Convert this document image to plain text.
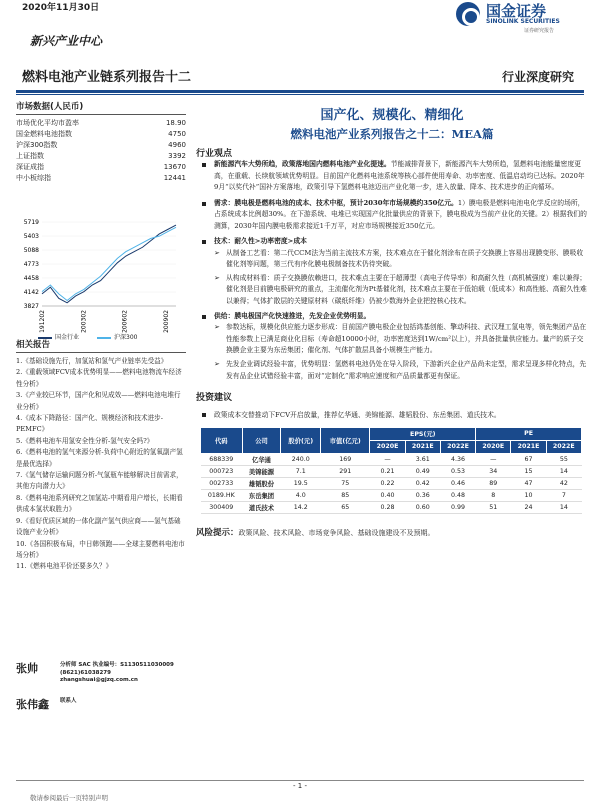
2020年11月30日	国金证券
SINOLINK SECURITIES
证券研究报告
新兴产业中心
燃料电池产业链系列报告十二	行业深度研究
市场数据(人民币)
市场优化平均市盈率	18.90
国金燃料电池指数	4750
沪深300指数	4960
上证指数	3392
深证成指	13670
中小板综指	12441
5719
5403
5088
4773
4458
4142
3827
191202	200302	200602	200902
国金行业	沪深300
相关报告
1.《基础设施先行，加氢站和氢气产业链率先受益》
2.《重载领域FCV成本优势明显——燃料电池物流车经济性分析》
3.《产业较已环节，国产化和见成效——燃料电池电堆行业分析》
4.《成本下降路径：国产化、规模经济和技术进步-PEMFC》
5.《燃料电池车用氢安全性分析-氢气安全吗?》
6.《燃料电池的氢气来源分析-负荷中心附近的氢氧副产氢是最优选择》
7.《氢气储存运输问题分析-气氢瓶车能够解决目前需求，其他方向潜力大》
8.《燃料电池系列研究之加氢站-中期看用户增长，长期看供成本氢状取胜力》
9.《看好优质区域的一体化副产氢气供应商——氢气基础设施产业分析》
10.《各国积极布局，中日韩领跑——全球主要燃料电池市场分析》
11.《燃料电池平价还要多久？》
张帅	分析师 SAC 执业编号：S1130511030009
(8621)61038279
zhangshuai@gjzq.com.cn
张伟鑫 联系人
国产化、规模化、精细化
燃料电池产业系列报告之十二：MEA篇
行业观点
新能源汽车大势所趋，政策落地国内燃料电池产业化提速。节能减排背景下，新能源汽车大势所趋，氢燃料电池能量密度更高，在重载、长续航领域优势明显。目前国产化燃料电池系统等核心部件使用寿命、功率密度、低温启动均已达标。2020年9月“以奖代补”国补方案落地，政策引导下氢燃料电池迈出产业化第一步，进入放量、降本、技术进步的正向循环。
需求：膜电极是燃料电池的成本、技术中枢，预计2030年市场规模约350亿元。1）膜电极是燃料电池电化学反应的场所，占系统成本比例超30%。在下游系统、电堆已实现国产化批量供应的背景下，膜电极成为当前产业化的关键。2）根据我们的测算，2030年国内膜电极需求接近1千万平，对应市场规模接近350亿元。
技术：耐久性>功率密度>成本
➢ 从制备工艺看：第二代CCM法为当前主流技术方案，技术难点在于催化剂涂布在质子交换膜上容易出现膜变形、膜吸收催化剂等问题，第三代有序化膜电极制备技术仍待突破。
➢ 从构成材料看：质子交换膜依赖进口，技术难点主要在于超薄型（高电子传导率）和高耐久性（高机械强度）难以兼得；催化剂是目前膜电极研究的重点，主流催化剂为Pt基催化剂，技术难点主要在于低铂载（低成本）和高性能、高耐久性难以兼得；气体扩散层的关键原材料（碳纸纤维）仍被少数海外企业把控核心技术。
供给：膜电极国产化快速推进，先发企业优势明显。
➢ 参数达标，规模化供应能力逐步形成：目前国产膜电极企业包括鸿基创能、擎动科技、武汉理工氢电等，领先集团产品在性能参数上已满足商业化目标（寿命超10000小时，功率密度达到1W/cm²以上），并具备批量供应能力。量产的质子交换膜企业主要为东岳集团；催化剂、气体扩散层具备小规模生产能力。
➢ 先发企业调试经验丰富，优势明显：氢燃料电池仍处在导入阶段，下游新兴企业产品尚未定型，需求呈现多样化特点，先发有品企业试错经验丰富，面对“定制化”需求响应速度和产品质量都更有保证。
投资建议
政策成本交替推动下FCV开启放量，推荐亿华通、美锦能源、雄韬股份、东岳集团、道氏技术。
代码	公司	股价(元)	市值(亿元)	EPS(元)			PE		
				2020E	2021E	2022E	2020E	2021E	2022E
688339	亿华通	240.0	169	—	3.61	4.36	—	67	55
000723	美锦能源	7.1	291	0.21	0.49	0.53	34	15	14
002733	雄韬股份	19.5	75	0.22	0.42	0.46	89	47	42
0189.HK	东岳集团	4.0	85	0.40	0.36	0.48	8	10	7
300409	道氏技术	14.2	65	0.28	0.60	0.99	51	24	14
风险提示：政策风险、技术风险、市场竞争风险、基础设施建设不及预期。
- 1 -
敬请参阅最后一页特别声明
